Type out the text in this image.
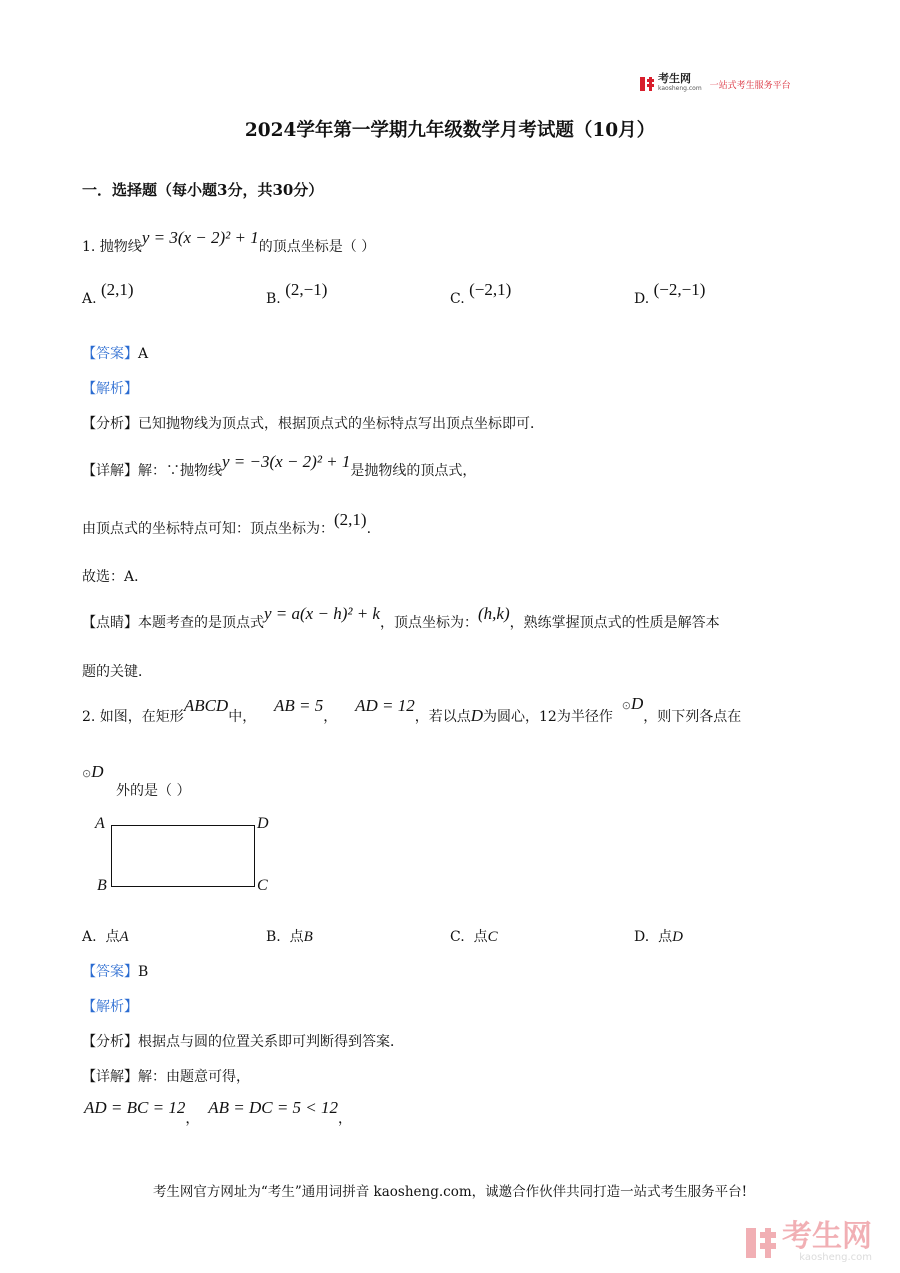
考生网
kaosheng.com 一站式考生服务平台
2024学年第一学期九年级数学月考试题（10月）
一．选择题（每小题3分，共30分）
1. 抛物线y = 3(x − 2)² + 1的顶点坐标是（ ）
A. (2,1)	B. (2,−1)	C. (−2,1)	D. (−2,−1)
【答案】A
【解析】
【分析】已知抛物线为顶点式，根据顶点式的坐标特点写出顶点坐标即可．
【详解】解：∵抛物线y = −3(x − 2)² + 1是抛物线的顶点式，
由顶点式的坐标特点可知：顶点坐标为：(2,1).
故选：A．
【点睛】本题考查的是顶点式y = a(x − h)² + k，顶点坐标为：(h,k)，熟练掌握顶点式的性质是解答本
题的关键．
2. 如图，在矩形ABCD中，    AB = 5，    AD = 12，若以点D为圆心，12为半径作  ⊙D，则下列各点在
⊙D
外的是（ ）
A	D
B	C
A. 点A	B. 点B	C. 点C	D. 点D
【答案】B
【解析】
【分析】根据点与圆的位置关系即可判断得到答案．
【详解】解：由题意可得，
AD = BC = 12，  AB = DC = 5 < 12，
考生网官方网址为“考生”通用词拼音 kaosheng.com，诚邀合作伙伴共同打造一站式考生服务平台!
考生网
kaosheng.com
